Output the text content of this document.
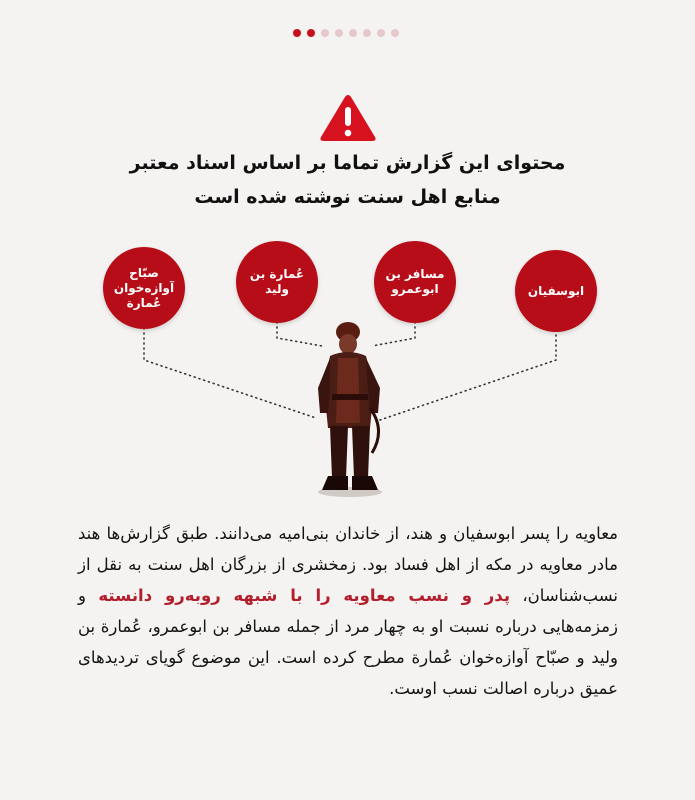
محتوای این گزارش تماما بر اساس اسناد معتبر
منابع اهل سنت نوشته شده است
صبّاح
آوازه‌خوان
عُمارة
عُمارة بن
ولید
مسافر بن
ابوعمرو	ابوسفیان
معاویه را پسر ابوسفیان و هند، از خاندان بنی‌امیه می‌دانند. طبق گزارش‌ها هند مادر معاویه در مکه از اهل فساد بود. زمخشری از بزرگان اهل سنت به نقل از نسب‌شناسان، پدر و نسب معاویه را با شبهه روبه‌رو دانسته و زمزمه‌هایی درباره نسبت او به چهار مرد از جمله مسافر بن ابوعمرو، عُمارة بن ولید و صبّاح آوازه‌خوان عُمارة مطرح کرده است. این موضوع گویای تردیدهای عمیق درباره اصالت نسب اوست.
